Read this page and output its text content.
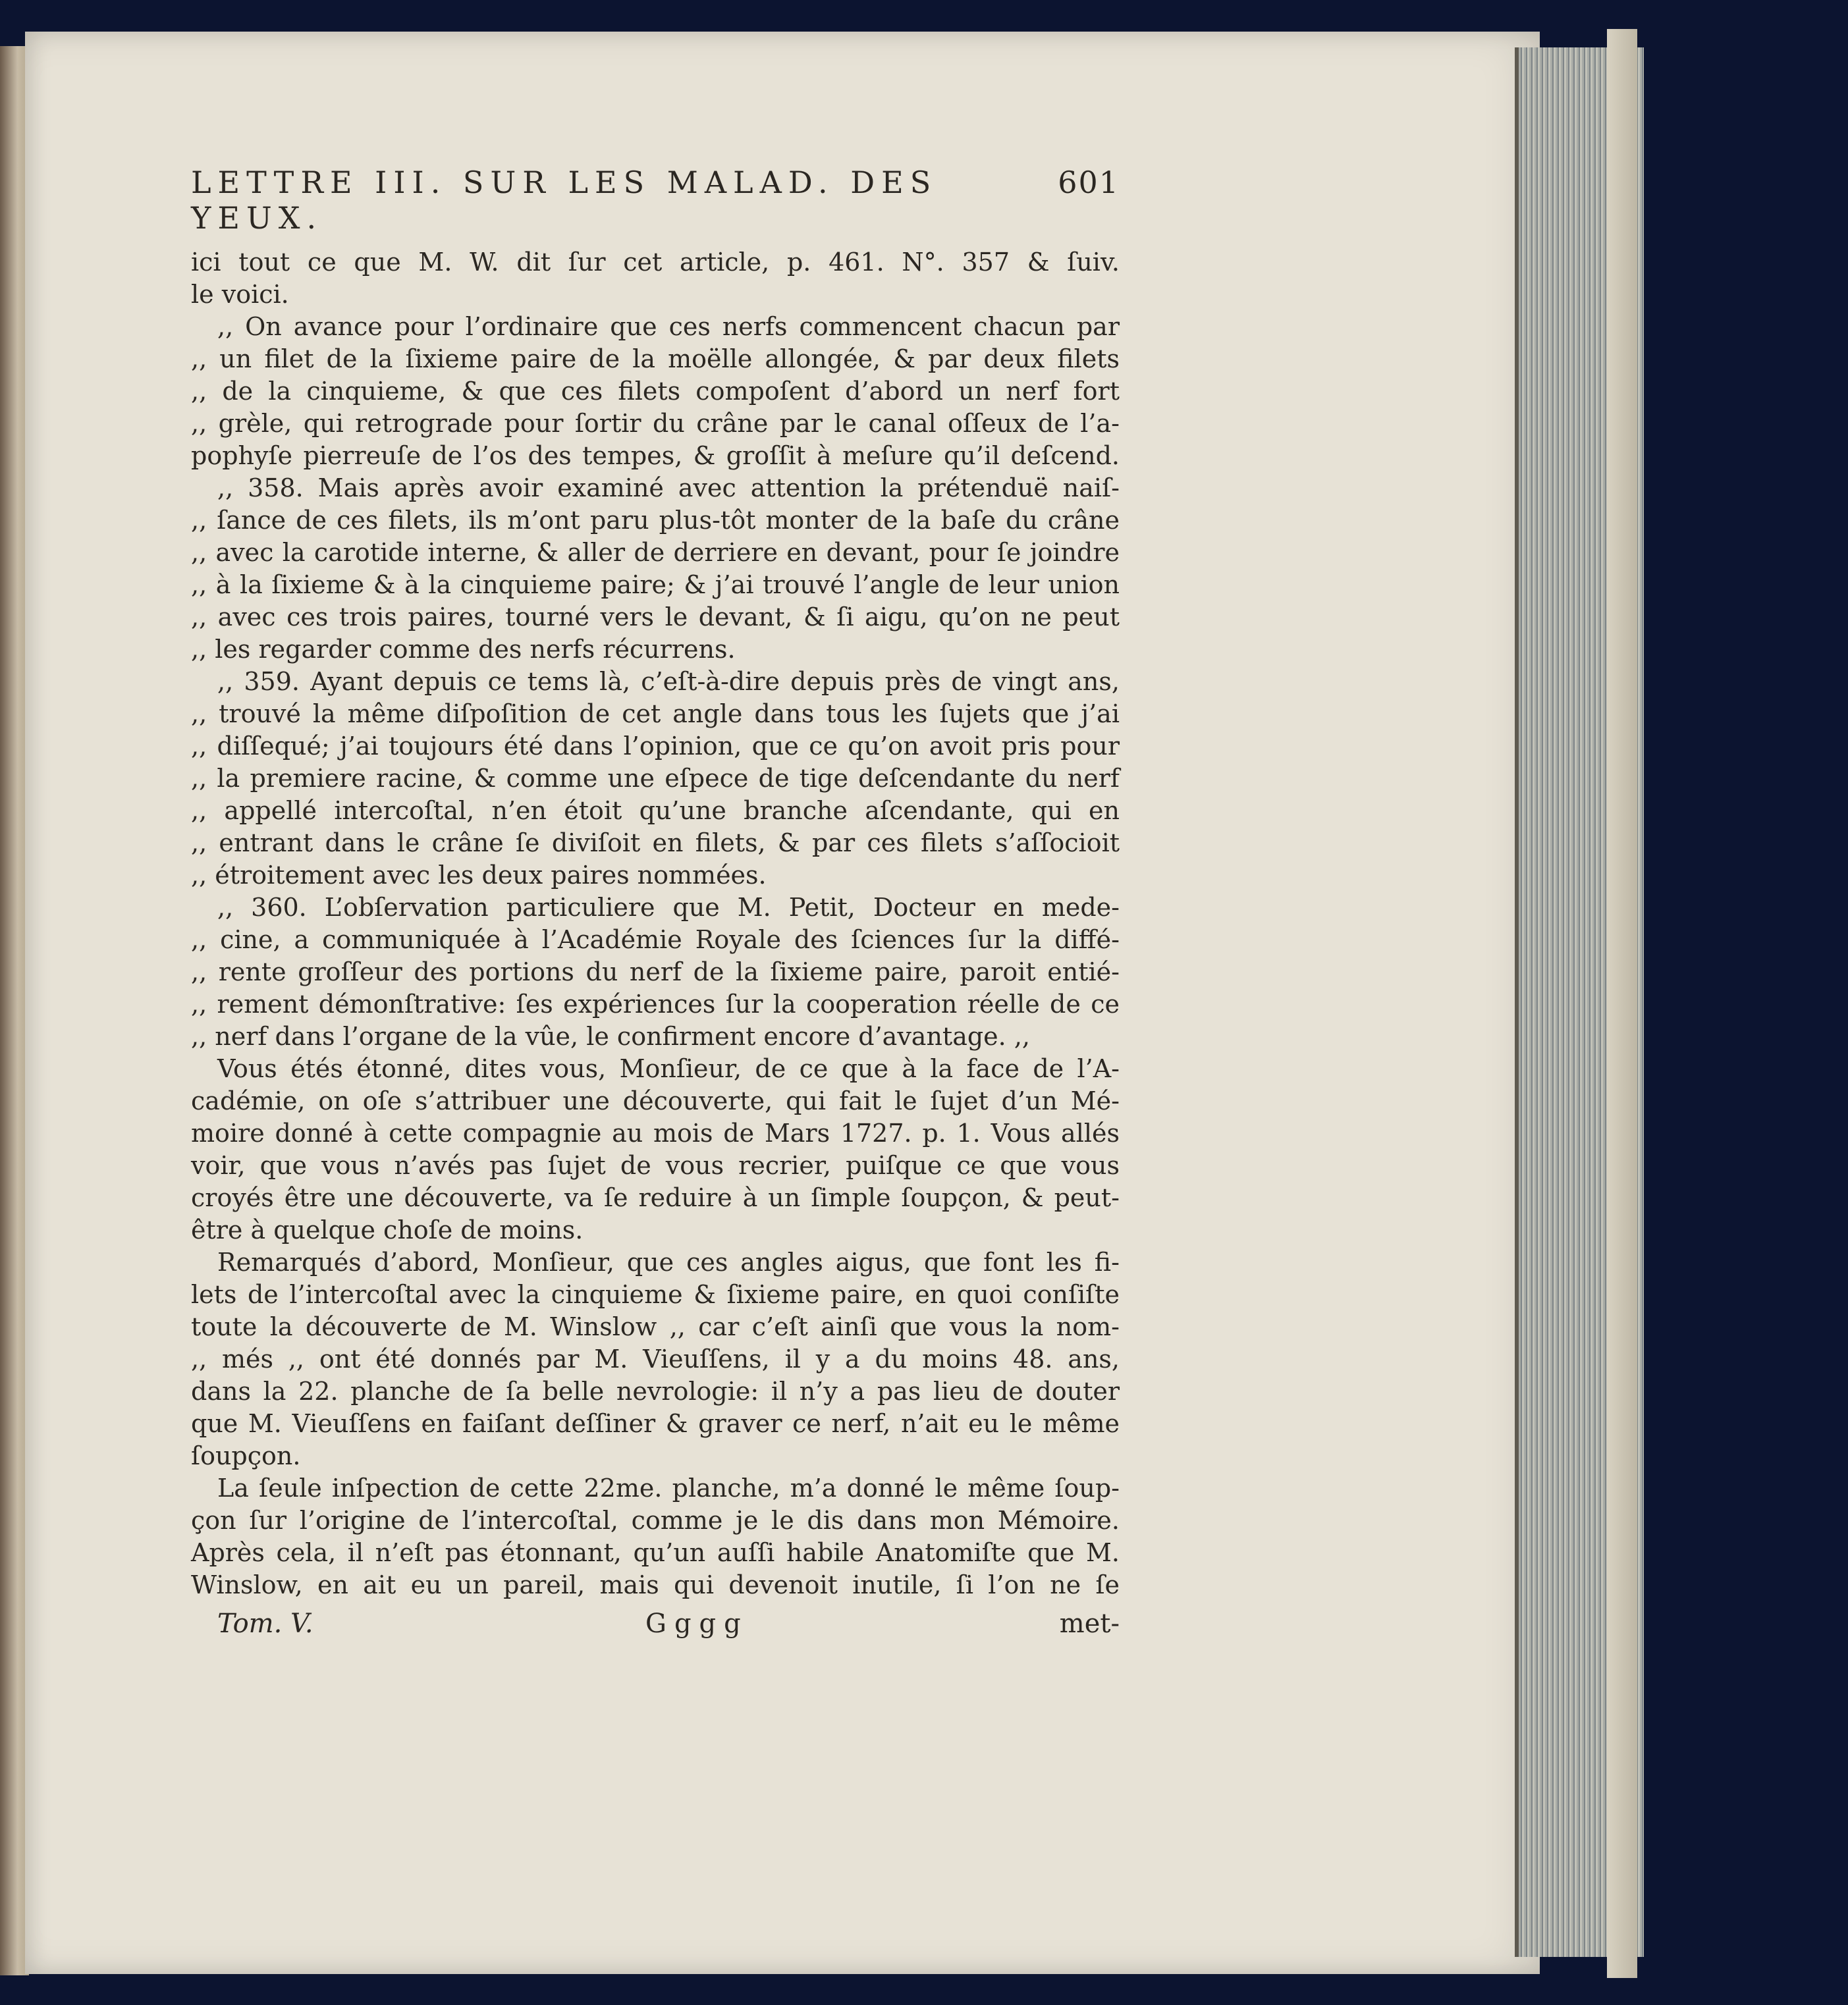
LETTRE III. SUR LES MALAD. DES YEUX.
601
ici tout ce que M. W. dit ſur cet article, p. 461. N°. 357 & ſuiv.
le voici.
,, On avance pour l’ordinaire que ces nerfs commencent chacun par
,, un filet de la ſixieme paire de la moëlle allongée, & par deux filets
,, de la cinquieme, & que ces filets compoſent d’abord un nerf fort
,, grèle, qui retrograde pour ſortir du crâne par le canal oſſeux de l’a-
pophyſe pierreuſe de l’os des tempes, & groſſit à meſure qu’il deſcend.
,, 358. Mais après avoir examiné avec attention la prétenduë naiſ-
,, ſance de ces filets, ils m’ont paru plus-tôt monter de la baſe du crâne
,, avec la carotide interne, & aller de derriere en devant, pour ſe joindre
,, à la ſixieme & à la cinquieme paire; & j’ai trouvé l’angle de leur union
,, avec ces trois paires, tourné vers le devant, & ſi aigu, qu’on ne peut
,, les regarder comme des nerfs récurrens.
,, 359. Ayant depuis ce tems là, c’eſt-à-dire depuis près de vingt ans,
,, trouvé la même diſpoſition de cet angle dans tous les ſujets que j’ai
,, diſſequé; j’ai toujours été dans l’opinion, que ce qu’on avoit pris pour
,, la premiere racine, & comme une eſpece de tige deſcendante du nerf
,, appellé intercoſtal, n’en étoit qu’une branche aſcendante, qui en
,, entrant dans le crâne ſe diviſoit en filets, & par ces filets s’aſſocioit
,, étroitement avec les deux paires nommées.
,, 360. L’obſervation particuliere que M. Petit, Docteur en mede-
,, cine, a communiquée à l’Académie Royale des ſciences ſur la diffé-
,, rente groſſeur des portions du nerf de la ſixieme paire, paroit entié-
,, rement démonſtrative: ſes expériences ſur la cooperation réelle de ce
,, nerf dans l’organe de la vûe, le confirment encore d’avantage. ,,
Vous étés étonné, dites vous, Monſieur, de ce que à la face de l’A-
cadémie, on oſe s’attribuer une découverte, qui fait le ſujet d’un Mé-
moire donné à cette compagnie au mois de Mars 1727. p. 1. Vous allés
voir, que vous n’avés pas ſujet de vous recrier, puiſque ce que vous
croyés être une découverte, va ſe reduire à un ſimple ſoupçon, & peut-
être à quelque choſe de moins.
Remarqués d’abord, Monſieur, que ces angles aigus, que font les fi-
lets de l’intercoſtal avec la cinquieme & ſixieme paire, en quoi conſiſte
toute la découverte de M. Winslow ,, car c’eſt ainſi que vous la nom-
,, més ,, ont été donnés par M. Vieuſſens, il y a du moins 48. ans,
dans la 22. planche de ſa belle nevrologie: il n’y a pas lieu de douter
que M. Vieuſſens en faiſant deſſiner & graver ce nerf, n’ait eu le même
ſoupçon.
La ſeule inſpection de cette 22me. planche, m’a donné le même ſoup-
çon ſur l’origine de l’intercoſtal, comme je le dis dans mon Mémoire.
Après cela, il n’eſt pas étonnant, qu’un auſſi habile Anatomiſte que M.
Winslow, en ait eu un pareil, mais qui devenoit inutile, ſi l’on ne ſe
Tom. V.	Gggg	met-
